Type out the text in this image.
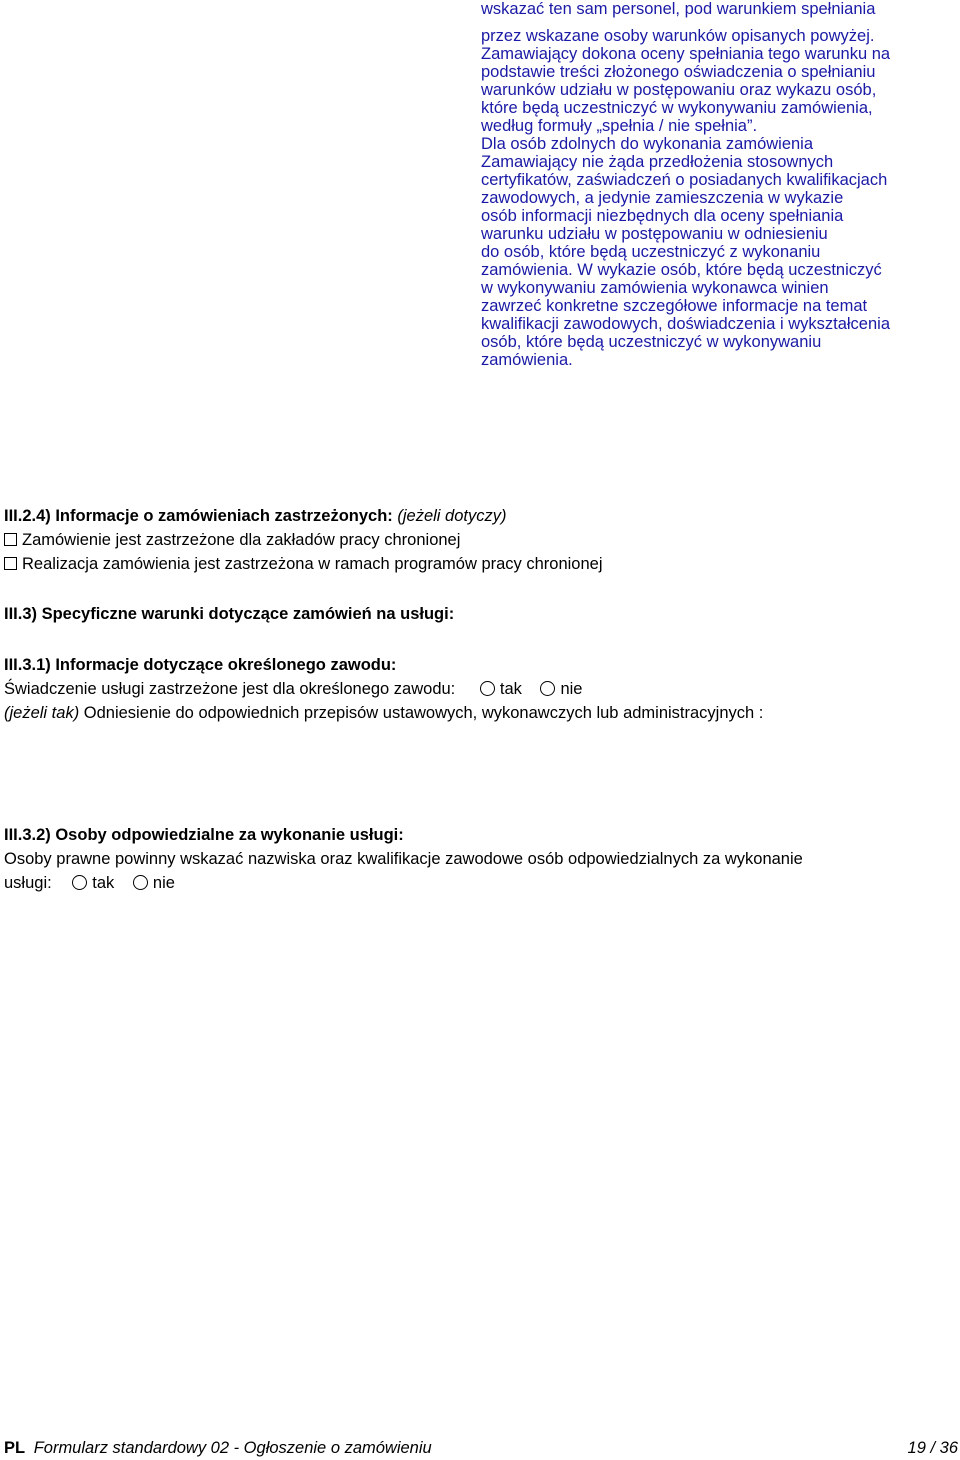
wskazać ten sam personel, pod warunkiem spełniania
przez wskazane osoby warunków opisanych powyżej.
Zamawiający dokona oceny spełniania tego warunku na
podstawie treści złożonego oświadczenia o spełnianiu
warunków udziału w postępowaniu oraz wykazu osób,
które będą uczestniczyć w wykonywaniu zamówienia,
według formuły „spełnia / nie spełnia”.
Dla osób zdolnych do wykonania zamówienia
Zamawiający nie żąda przedłożenia stosownych
certyfikatów, zaświadczeń o posiadanych kwalifikacjach
zawodowych, a jedynie zamieszczenia w wykazie
osób informacji niezbędnych dla oceny spełniania
warunku udziału w postępowaniu w odniesieniu
do osób, które będą uczestniczyć z wykonaniu
zamówienia. W wykazie osób, które będą uczestniczyć
w wykonywaniu zamówienia wykonawca winien
zawrzeć konkretne szczegółowe informacje na temat
kwalifikacji zawodowych, doświadczenia i wykształcenia
osób, które będą uczestniczyć w wykonywaniu
zamówienia.
III.2.4) Informacje o zamówieniach zastrzeżonych: (jeżeli dotyczy)
Zamówienie jest zastrzeżone dla zakładów pracy chronionej
Realizacja zamówienia jest zastrzeżona w ramach programów pracy chronionej
III.3) Specyficzne warunki dotyczące zamówień na usługi:
III.3.1) Informacje dotyczące określonego zawodu:
Świadczenie usługi zastrzeżone jest dla określonego zawodu:	tak nie
(jeżeli tak) Odniesienie do odpowiednich przepisów ustawowych, wykonawczych lub administracyjnych :
III.3.2) Osoby odpowiedzialne za wykonanie usługi:
Osoby prawne powinny wskazać nazwiska oraz kwalifikacje zawodowe osób odpowiedzialnych za wykonanie
usługi: tak nie
PL Formularz standardowy 02 - Ogłoszenie o zamówieniu	19 / 36
